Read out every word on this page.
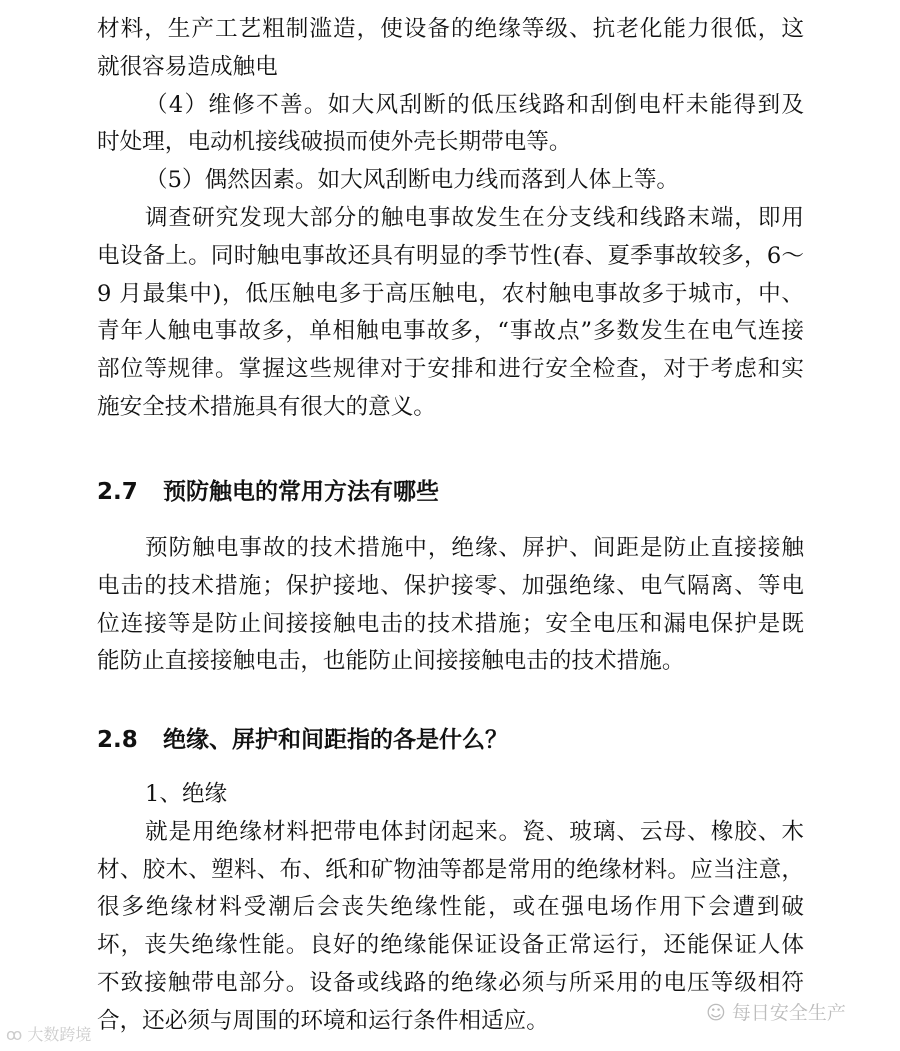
材料，生产工艺粗制滥造，使设备的绝缘等级、抗老化能力很低，这
就很容易造成触电
（4）维修不善。如大风刮断的低压线路和刮倒电杆未能得到及
时处理，电动机接线破损而使外壳长期带电等。
（5）偶然因素。如大风刮断电力线而落到人体上等。
调查研究发现大部分的触电事故发生在分支线和线路末端，即用
电设备上。同时触电事故还具有明显的季节性(春、夏季事故较多，6～
9 月最集中)，低压触电多于高压触电，农村触电事故多于城市，中、
青年人触电事故多，单相触电事故多，“事故点”多数发生在电气连接
部位等规律。掌握这些规律对于安排和进行安全检查，对于考虑和实
施安全技术措施具有很大的意义。
2.7 预防触电的常用方法有哪些
预防触电事故的技术措施中，绝缘、屏护、间距是防止直接接触
电击的技术措施；保护接地、保护接零、加强绝缘、电气隔离、等电
位连接等是防止间接接触电击的技术措施；安全电压和漏电保护是既
能防止直接接触电击，也能防止间接接触电击的技术措施。
2.8 绝缘、屏护和间距指的各是什么？
1、绝缘
就是用绝缘材料把带电体封闭起来。瓷、玻璃、云母、橡胶、木
材、胶木、塑料、布、纸和矿物油等都是常用的绝缘材料。应当注意，
很多绝缘材料受潮后会丧失绝缘性能，或在强电场作用下会遭到破
坏，丧失绝缘性能。良好的绝缘能保证设备正常运行，还能保证人体
不致接触带电部分。设备或线路的绝缘必须与所采用的电压等级相符
合，还必须与周围的环境和运行条件相适应。	☺ 每日安全生产
ꝏ 大数跨境
